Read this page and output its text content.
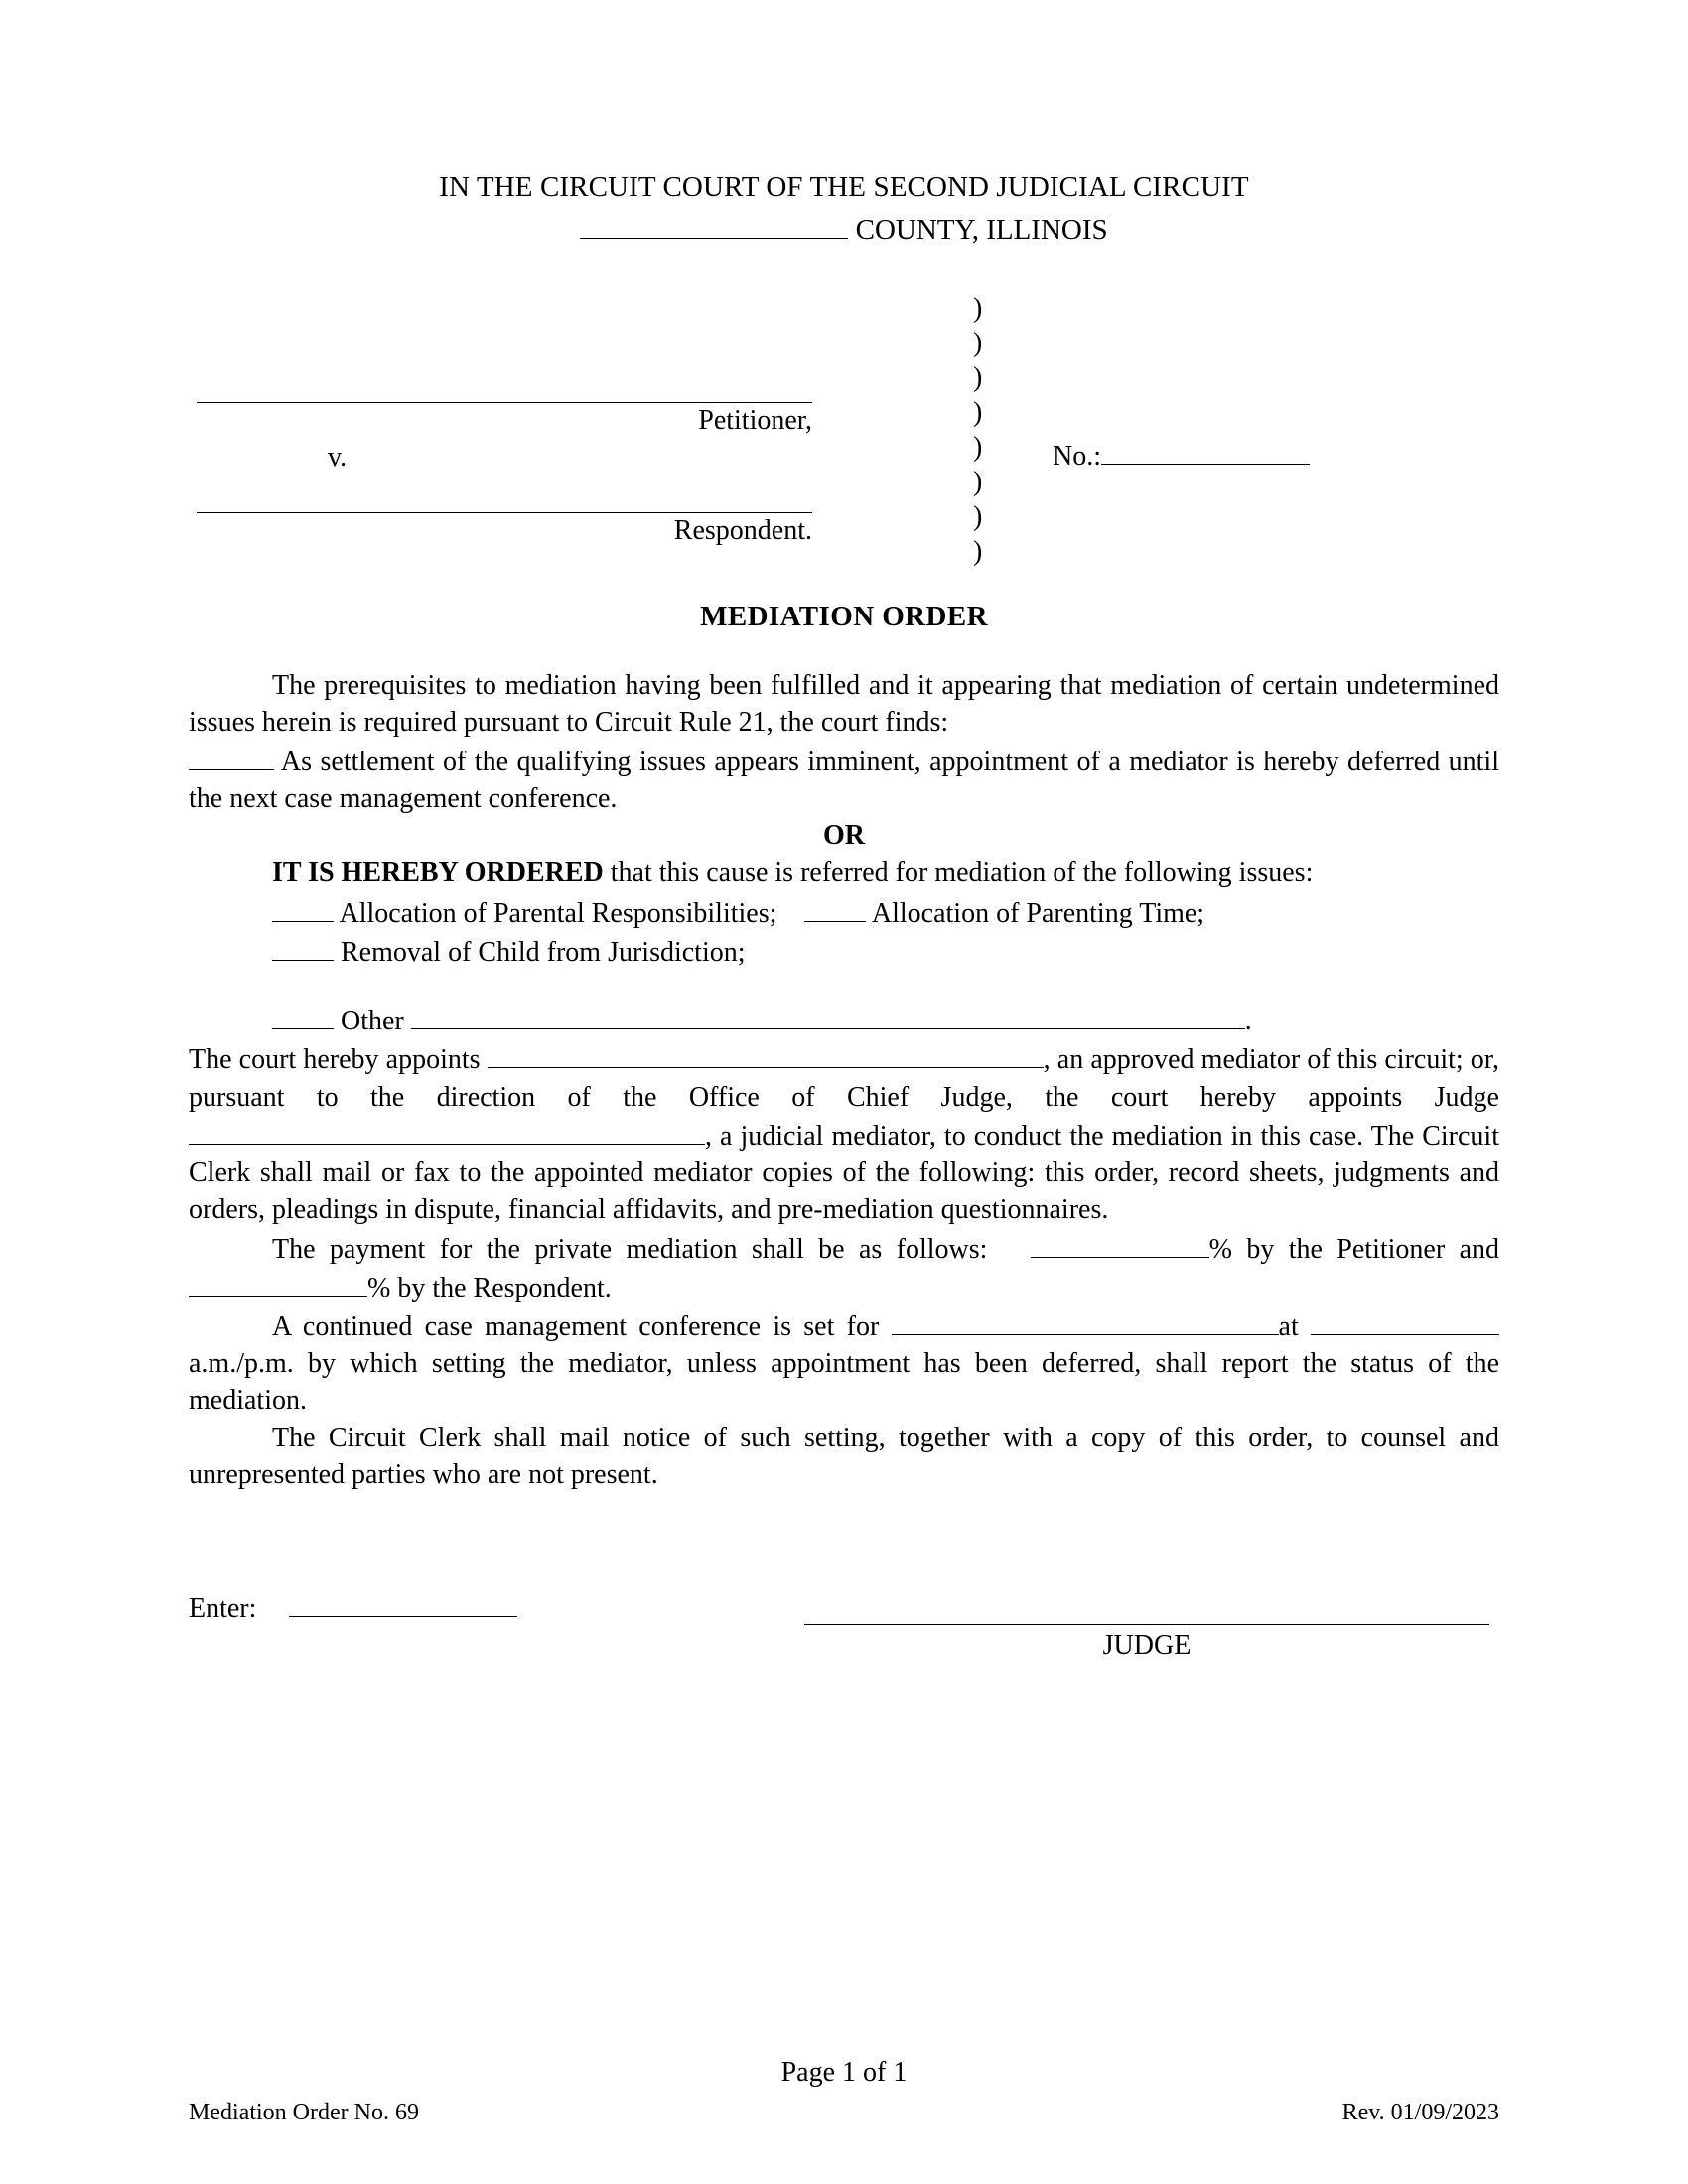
IN THE CIRCUIT COURT OF THE SECOND JUDICIAL CIRCUIT
COUNTY, ILLINOIS
Petitioner,
Respondent.
v.
)
)
)
)
)
)
)
)
No.:
MEDIATION ORDER

The prerequisites to mediation having been fulfilled and it appearing that mediation of certain undetermined issues herein is required pursuant to Circuit Rule 21, the court finds:

As settlement of the qualifying issues appears imminent, appointment of a mediator is hereby deferred until the next case management conference.

OR

IT IS HEREBY ORDERED that this cause is referred for mediation of the following issues:

Allocation of Parental Responsibilities;	Allocation of Parenting Time;
Removal of Child from Jurisdiction;
Other	.

The court hereby appoints	, an approved mediator of this circuit; or, pursuant to the direction of the Office of Chief Judge, the court hereby appoints Judge , a judicial mediator, to conduct the mediation in this case. The Circuit Clerk shall mail or fax to the appointed mediator copies of the following: this order, record sheets, judgments and orders, pleadings in dispute, financial affidavits, and pre-mediation questionnaires.

The payment for the private mediation shall be as follows:	% by the Petitioner and % by the Respondent.

A continued case management conference is set for	at  a.m./p.m. by which setting the mediator, unless appointment has been deferred, shall report the status of the mediation.

The Circuit Clerk shall mail notice of such setting, together with a copy of this order, to counsel and unrepresented parties who are not present.

Enter:
JUDGE
Page 1 of 1
Mediation Order No. 69	Rev. 01/09/2023
